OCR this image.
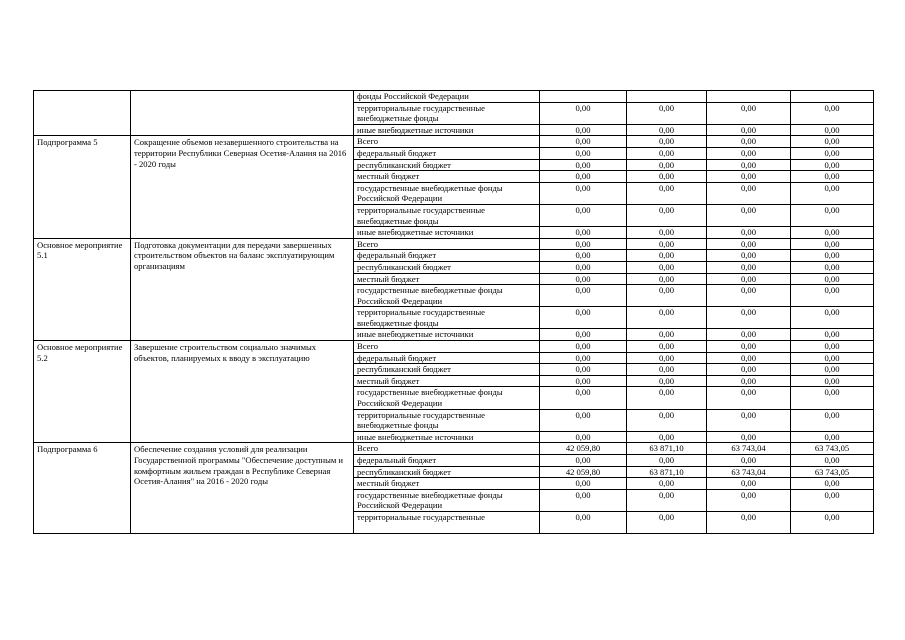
		фонды Российской Федерации				
		территориальные государственные внебюджетные фонды	0,00	0,00	0,00	0,00
		иные внебюджетные источники	0,00	0,00	0,00	0,00
Подпрограмма 5	Сокращение объемов незавершенного строительства на территории Республики Северная Осетия-Алания на 2016 - 2020 годы	Всего	0,00	0,00	0,00	0,00
		федеральный бюджет	0,00	0,00	0,00	0,00
		республиканский бюджет	0,00	0,00	0,00	0,00
		местный бюджет	0,00	0,00	0,00	0,00
		государственные внебюджетные фонды Российской Федерации	0,00	0,00	0,00	0,00
		территориальные государственные внебюджетные фонды	0,00	0,00	0,00	0,00
		иные внебюджетные источники	0,00	0,00	0,00	0,00
Основное мероприятие 5.1	Подготовка документации для передачи завершенных строительством объектов на баланс эксплуатирующим организациям	Всего	0,00	0,00	0,00	0,00
		федеральный бюджет	0,00	0,00	0,00	0,00
		республиканский бюджет	0,00	0,00	0,00	0,00
		местный бюджет	0,00	0,00	0,00	0,00
		государственные внебюджетные фонды Российской Федерации	0,00	0,00	0,00	0,00
		территориальные государственные внебюджетные фонды	0,00	0,00	0,00	0,00
		иные внебюджетные источники	0,00	0,00	0,00	0,00
Основное мероприятие 5.2	Завершение строительством социально значимых объектов, планируемых к вводу в эксплуатацию	Всего	0,00	0,00	0,00	0,00
		федеральный бюджет	0,00	0,00	0,00	0,00
		республиканский бюджет	0,00	0,00	0,00	0,00
		местный бюджет	0,00	0,00	0,00	0,00
		государственные внебюджетные фонды Российской Федерации	0,00	0,00	0,00	0,00
		территориальные государственные внебюджетные фонды	0,00	0,00	0,00	0,00
		иные внебюджетные источники	0,00	0,00	0,00	0,00
Подпрограмма 6	Обеспечение создания условий для реализации Государственной программы "Обеспечение доступным и комфортным жильем граждан в Республике Северная Осетия-Алания" на 2016 - 2020 годы	Всего	42 059,80	63 871,10	63 743,04	63 743,05
		федеральный бюджет	0,00	0,00	0,00	0,00
		республиканский бюджет	42 059,80	63 871,10	63 743,04	63 743,05
		местный бюджет	0,00	0,00	0,00	0,00
		государственные внебюджетные фонды Российской Федерации	0,00	0,00	0,00	0,00
		территориальные государственные	0,00	0,00	0,00	0,00
